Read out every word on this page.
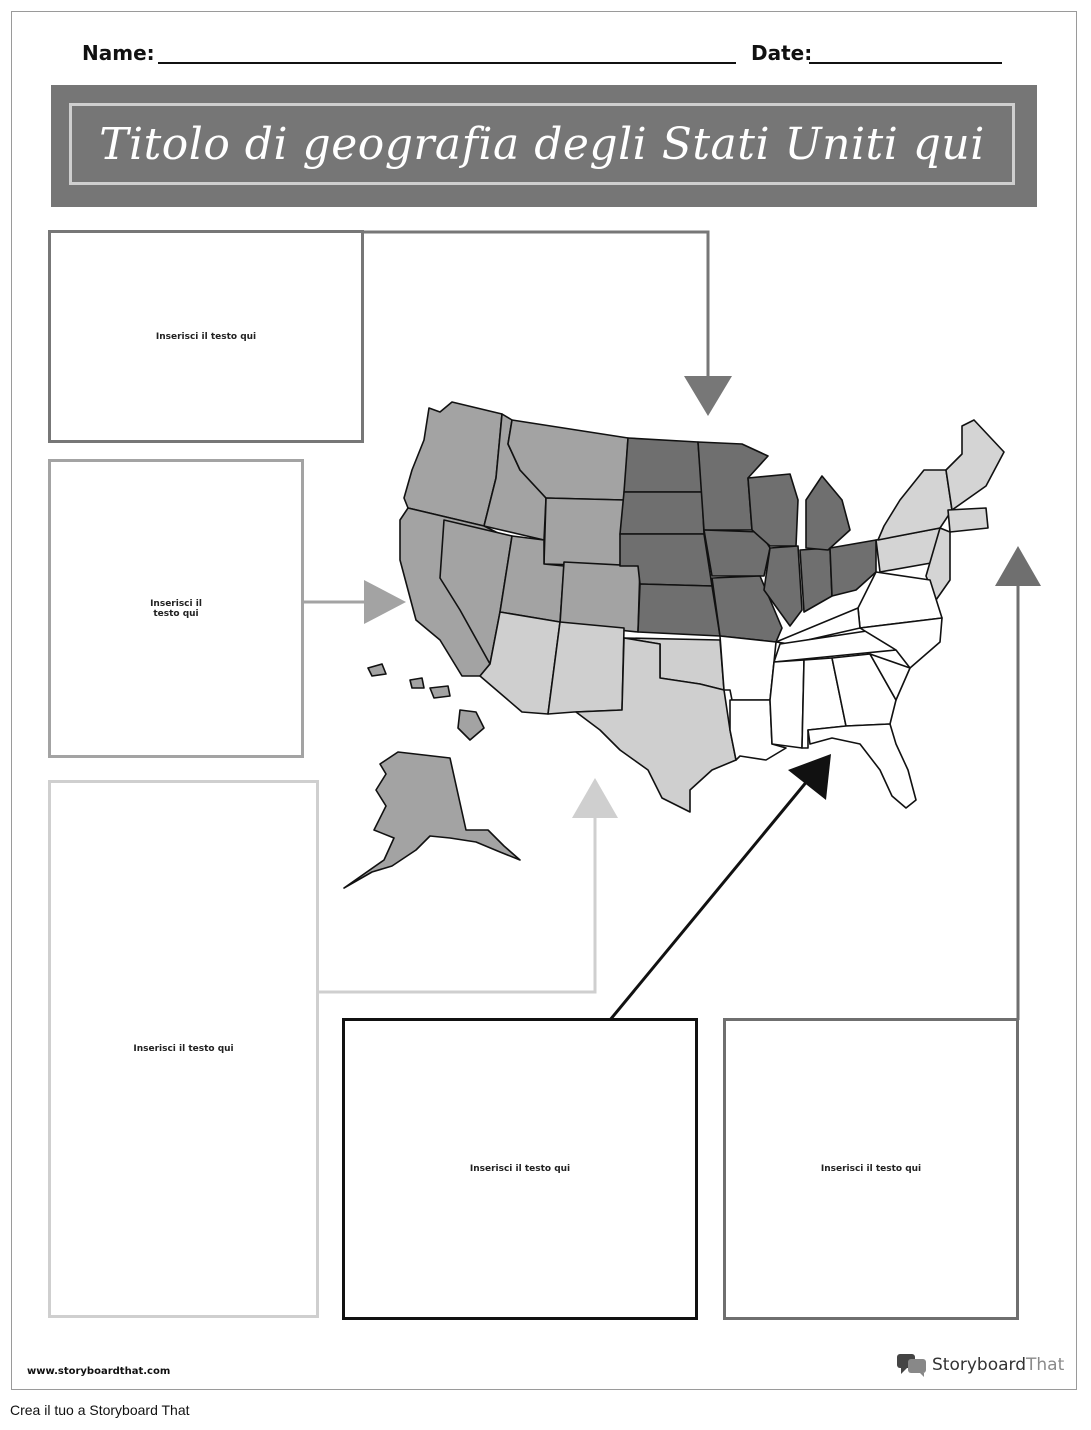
Name:	Date:
Titolo di geografia degli Stati Uniti qui
Inserisci il testo qui
Inserisci il testo qui
Inserisci il testo qui
Inserisci il testo qui	Inserisci il testo qui
www.storyboardthat.com	StoryboardThat
Crea il tuo a Storyboard That
